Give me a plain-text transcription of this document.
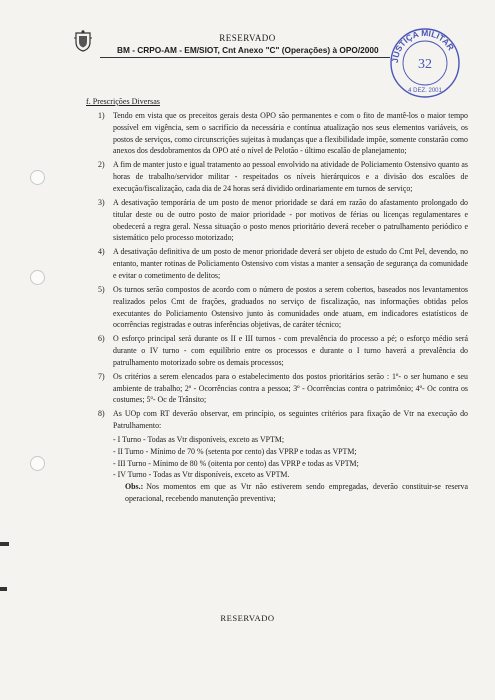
RESERVADO
BM - CRPO-AM - EM/SIOT, Cnt Anexo "C" (Operações) à OPO/2000
JUSTIÇA MILITAR
32
4 DEZ. 2001
f. Prescrições Diversas
1)	Tendo em vista que os preceitos gerais desta OPO são permanentes e com o fito de mantê-los o maior tempo possível em vigência, sem o sacrifício da necessária e contínua atualização nos seus elementos variáveis, os postos de serviços, como circunscrições sujeitas à mudanças que a flexibilidade impõe, somente constarão como anexos dos desdobramentos da OPO até o nível de Pelotão - último escalão de planejamento;
2)	A fim de manter justo e igual tratamento ao pessoal envolvido na atividade de Policiamento Ostensivo quanto as horas de trabalho/servidor militar - respeitados os níveis hierárquicos e a divisão dos escalões de execução/fiscalização, cada dia de 24 horas será dividido ordinariamente em turnos de serviço;
3)	A desativação temporária de um posto de menor prioridade se dará em razão do afastamento prolongado do titular deste ou de outro posto de maior prioridade - por motivos de férias ou licenças regulamentares e obedecerá a regra geral. Nessa situação o posto menos prioritário deverá receber o patrulhamento periódico e sistemático pelo processo motorizado;
4)	A desativação definitiva de um posto de menor prioridade deverá ser objeto de estudo do Cmt Pel, devendo, no entanto, manter rotinas de Policiamento Ostensivo com vistas a manter a sensação de segurança da comunidade e evitar o cometimento de delitos;
5)	Os turnos serão compostos de acordo com o número de postos a serem cobertos, baseados nos levantamentos realizados pelos Cmt de frações, graduados no serviço de fiscalização, nas informações obtidas pelos executantes do Policiamento Ostensivo junto às comunidades onde atuam, em indicadores estatísticos de ocorrências registradas e outras inferências objetivas, de caráter técnico;
6)	O esforço principal será durante os II e III turnos - com prevalência do processo a pé; o esforço médio será durante o IV turno - com equilíbrio entre os processos e durante o I turno haverá a prevalência do patrulhamento motorizado sobre os demais processos;
7)	Os critérios a serem elencados para o estabelecimento dos postos prioritários serão : 1º- o ser humano e seu ambiente de trabalho; 2º - Ocorrências contra a pessoa; 3º - Ocorrências contra o patrimônio; 4º- Oc contra os costumes; 5º- Oc de Trânsito;
8)	As UOp com RT deverão observar, em princípio, os seguintes critérios para fixação de Vtr na execução do Patrulhamento:
- I Turno - Todas as Vtr disponíveis, exceto as VPTM;
- II Turno - Mínimo de 70 % (setenta por cento) das VPRP e todas as VPTM;
- III Turno - Mínimo de 80 % (oitenta por cento) das VPRP e todas as VPTM;
- IV Turno - Todas as Vtr disponíveis, exceto as VPTM.
Obs.: Nos momentos em que as Vtr não estiverem sendo empregadas, deverão constituir-se reserva operacional, recebendo manutenção preventiva;
RESERVADO
